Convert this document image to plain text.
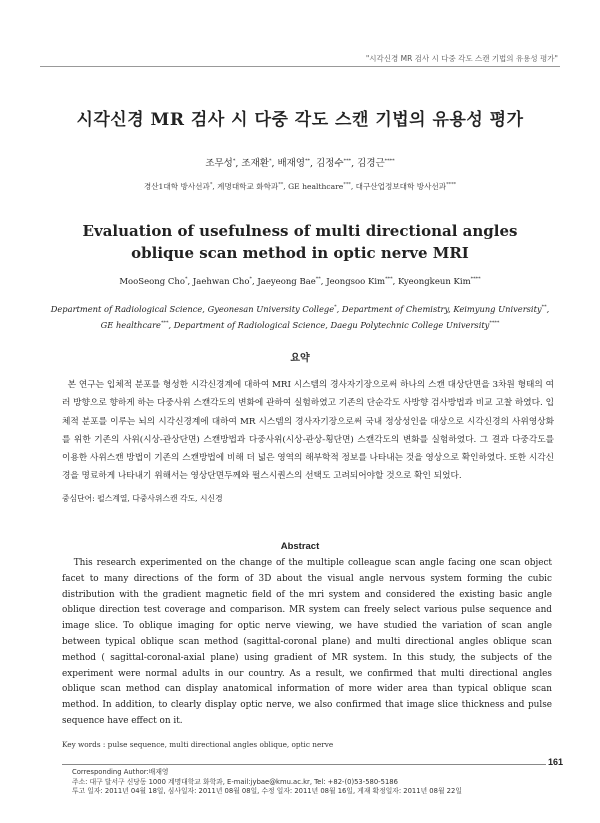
"시각신경 MR 검사 시 다중 각도 스캔 기법의 유용성 평가"
시각신경 MR 검사 시 다중 각도 스캔 기법의 유용성 평가
조무성*, 조재환*, 배재영**, 김정수***, 김경근****
경산1대학 방사선과*, 계명대학교 화학과**, GE healthcare***, 대구산업정보대학 방사선과****
Evaluation of usefulness of multi directional angles oblique scan method in optic nerve MRI
MooSeong Cho*, Jaehwan Cho*, Jaeyeong Bae**, Jeongsoo Kim***, Kyeongkeun Kim****
Department of Radiological Science, Gyeonesan University College*, Department of Chemistry, Keimyung University**,
GE healthcare***, Department of Radiological Science, Daegu Polytechnic College University****
요약
본 연구는 입체적 분포를 형성한 시각신경계에 대하여 MRI 시스템의 경사자기장으로써 하나의 스캔 대상단면을 3차원 형태의 여러 방향으로 향하게 하는 다중사위 스캔각도의 변화에 관하여 실험하였고 기존의 단순각도 사방향 검사방법과 비교 고찰 하였다. 입체적 분포를 이루는 뇌의 시각신경계에 대하여 MR 시스템의 경사자기장으로써 국내 정상성인을 대상으로 시각신경의 사위영상화를 위한 기존의 사위(시상-관상단면) 스캔방법과 다중사위(시상-관상-횡단면) 스캔각도의 변화를 실험하였다. 그 결과 다중각도를 이용한 사위스캔 방법이 기존의 스캔방법에 비해 더 넓은 영역의 해부학적 정보를 나타내는 것을 영상으로 확인하였다. 또한 시각신경을 명료하게 나타내기 위해서는 영상단면두께와 펄스시퀀스의 선택도 고려되어야할 것으로 확인 되었다.
중심단어: 펄스계열, 다중사위스캔 각도, 시신경
Abstract
This research experimented on the change of the multiple colleague scan angle facing one scan object facet to many directions of the form of 3D about the visual angle nervous system forming the cubic distribution with the gradient magnetic field of the mri system and considered the existing basic angle oblique direction test coverage and comparison. MR system can freely select various pulse sequence and image slice. To oblique imaging for optic nerve viewing, we have studied the variation of scan angle between typical oblique scan method (sagittal-coronal plane) and multi directional angles oblique scan method ( sagittal-coronal-axial plane) using gradient of MR system. In this study, the subjects of the experiment were normal adults in our country. As a result, we confirmed that multi directional angles oblique scan method can display anatomical information of more wider area than typical oblique scan method. In addition, to clearly display optic nerve, we also confirmed that image slice thickness and pulse sequence have effect on it.
Key words : pulse sequence, multi directional angles oblique, optic nerve
161
Corresponding Author:배재영
주소: 대구 달서구 신당동 1000 계명대학교 화학과, E-mail:jybae@kmu.ac.kr, Tel: +82-(0)53-580-5186
투고 일자: 2011년 04월 18일, 심사일자: 2011년 08월 08일, 수정 일자: 2011년 08월 16일, 게재 확정일자: 2011년 08월 22일
